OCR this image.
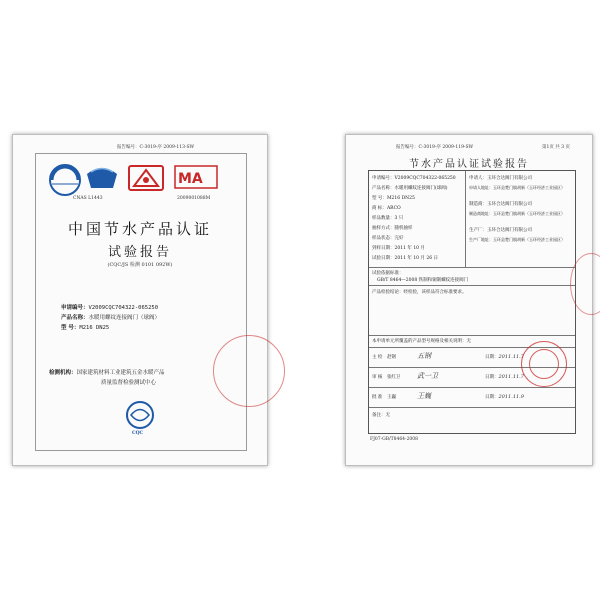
报告编号：C-3019-序 2009-113-SW
MA
CNAS L1443	2009001088M
中国节水产品认证
试验报告
(CQC/JS 检测 0101 092W)
申请编号：V2009CQC704322-065250
产品名称：水暖用螺纹连接阀门（球阀）
型 号：M216 DN25
检测机构：国家建筑材料工业建筑五金水暖产品
质量监督检验测试中心
CQC
报告编号：C-3019-序 2009-119-SW	第1页 共 3 页
节水产品认证试验报告
申请编号：V2009CQC704322-065250
产品名称：水暖用螺纹连接阀门(球阀)
型 号：M216 DN25
商 标：ARCO
样品数量：3 只
抽样方式：随机抽样
样品状态：完好
到样日期：2011 年 10 月
试验日期：2011 年 10 月 26 日
申请人：玉环合达阀门有限公司
申请人地址：玉环县楚门镇胡新（玉环经济工业园区）
制造商：玉环合达阀门有限公司
制造商地址：玉环县楚门镇胡新（玉环经济工业园区）
生产厂：玉环合达阀门有限公司
生产厂地址：玉环县楚门镇胡新（玉环经济工业园区）
试验依据标准：
GB/T 8464—2008 铁制和铜制螺纹连接阀门
产品检验结论：经检验，该样品符合标准要求。
本申请单元所覆盖的产品型号规格及相关说明：无
主 检　 赵钢	五钢	日期：2011.11.7
审 核　 张红卫 武一卫	日期：2011.11.7
批 准　 王巍	王巍	日期：2011.11.9
备注：无
FJ07-GB/T8464-2008
